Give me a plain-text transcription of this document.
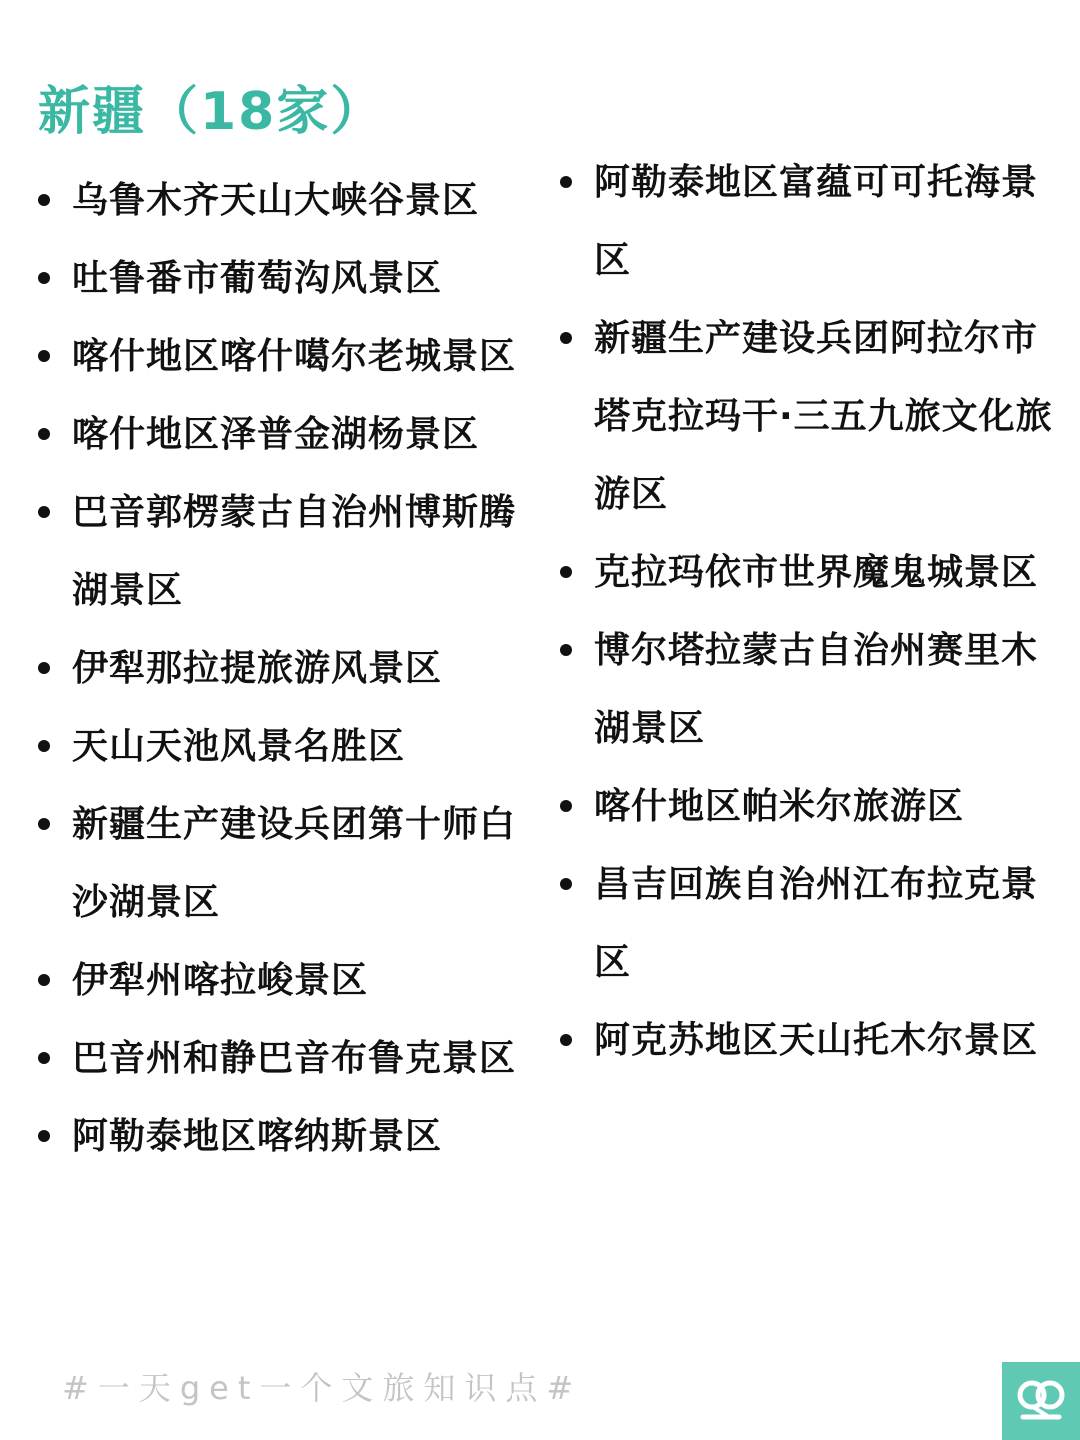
新疆（18家）
乌鲁木齐天山大峡谷景区
吐鲁番市葡萄沟风景区
喀什地区喀什噶尔老城景区
喀什地区泽普金湖杨景区
巴音郭楞蒙古自治州博斯腾湖景区
伊犁那拉提旅游风景区
天山天池风景名胜区
新疆生产建设兵团第十师白沙湖景区
伊犁州喀拉峻景区
巴音州和静巴音布鲁克景区
阿勒泰地区喀纳斯景区
阿勒泰地区富蕴可可托海景区
新疆生产建设兵团阿拉尔市塔克拉玛干·三五九旅文化旅游区
克拉玛依市世界魔鬼城景区
博尔塔拉蒙古自治州赛里木湖景区
喀什地区帕米尔旅游区
昌吉回族自治州江布拉克景区
阿克苏地区天山托木尔景区
#一天get一个文旅知识点#
